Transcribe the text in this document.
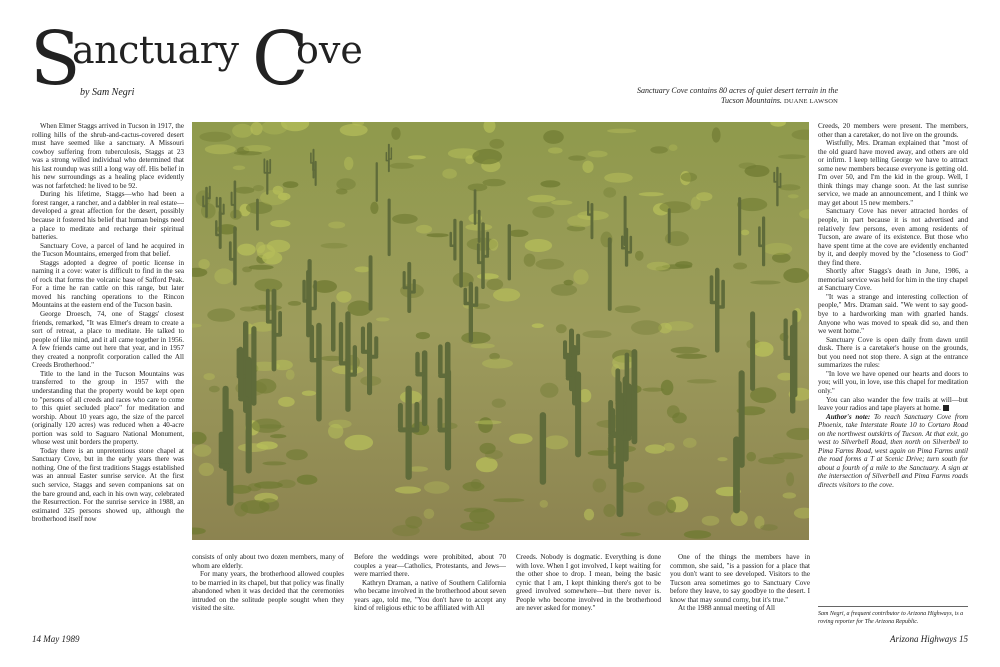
S
anctuary C
ove
by Sam Negri	Sanctuary Cove contains 80 acres of quiet desert terrain in the Tucson Mountains. DUANE LAWSON

When Elmer Staggs arrived in Tucson in 1917, the rolling hills of the shrub-and-cactus-covered desert must have seemed like a sanctuary. A Missouri cowboy suffering from tuberculosis, Staggs at 23 was a strong willed individual who determined that his last roundup was still a long way off. His belief in his new surroundings as a healing place evidently was not farfetched: he lived to be 92.

During his lifetime, Staggs—who had been a forest ranger, a rancher, and a dabbler in real estate—developed a great affection for the desert, possibly because it fostered his belief that human beings need a place to meditate and recharge their spiritual batteries.

Sanctuary Cove, a parcel of land he acquired in the Tucson Mountains, emerged from that belief.

Staggs adopted a degree of poetic license in naming it a cove: water is difficult to find in the sea of rock that forms the volcanic base of Safford Peak. For a time he ran cattle on this range, but later moved his ranching operations to the Rincon Mountains at the eastern end of the Tucson basin.

George Droesch, 74, one of Staggs' closest friends, remarked, "It was Elmer's dream to create a sort of retreat, a place to meditate. He talked to people of like mind, and it all came together in 1956. A few friends came out here that year, and in 1957 they created a nonprofit corporation called the All Creeds Brotherhood."

Title to the land in the Tucson Mountains was transferred to the group in 1957 with the understanding that the property would be kept open to "persons of all creeds and races who care to come to this quiet secluded place" for meditation and worship. About 10 years ago, the size of the parcel (originally 120 acres) was reduced when a 40-acre portion was sold to Saguaro National Monument, whose west unit borders the property.

Today there is an unpretentious stone chapel at Sanctuary Cove, but in the early years there was nothing. One of the first traditions Staggs established was an annual Easter sunrise service. At the first such service, Staggs and seven companions sat on the bare ground and, each in his own way, celebrated the Resurrection. For the sunrise service in 1988, an estimated 325 persons showed up, although the brotherhood itself now

consists of only about two dozen members, many of whom are elderly.

For many years, the brotherhood allowed couples to be married in its chapel, but that policy was finally abandoned when it was decided that the ceremonies intruded on the solitude people sought when they visited the site.

Before the weddings were prohibited, about 70 couples a year—Catholics, Protestants, and Jews—were married there.

Kathryn Draman, a native of Southern California who became involved in the brotherhood about seven years ago, told me, "You don't have to accept any kind of religious ethic to be affiliated with All

Creeds. Nobody is dogmatic. Everything is done with love. When I got involved, I kept waiting for the other shoe to drop. I mean, being the basic cynic that I am, I kept thinking there's got to be greed involved somewhere—but there never is. People who become involved in the brotherhood are never asked for money."

One of the things the members have in common, she said, "is a passion for a place that you don't want to see developed. Visitors to the Tucson area sometimes go to Sanctuary Cove before they leave, to say goodbye to the desert. I know that may sound corny, but it's true."

At the 1988 annual meeting of All

Creeds, 20 members were present. The members, other than a caretaker, do not live on the grounds.

Wistfully, Mrs. Draman explained that "most of the old guard have moved away, and others are old or infirm. I keep telling George we have to attract some new members because everyone is getting old. I'm over 50, and I'm the kid in the group. Well, I think things may change soon. At the last sunrise service, we made an announcement, and I think we may get about 15 new members."

Sanctuary Cove has never attracted hordes of people, in part because it is not advertised and relatively few persons, even among residents of Tucson, are aware of its existence. But those who have spent time at the cove are evidently enchanted by it, and deeply moved by the "closeness to God" they find there.

Shortly after Staggs's death in June, 1986, a memorial service was held for him in the tiny chapel at Sanctuary Cove.

"It was a strange and interesting collection of people," Mrs. Draman said. "We went to say good-bye to a hardworking man with gnarled hands. Anyone who was moved to speak did so, and then we went home."

Sanctuary Cove is open daily from dawn until dusk. There is a caretaker's house on the grounds, but you need not stop there. A sign at the entrance summarizes the rules:

"In love we have opened our hearts and doors to you; will you, in love, use this chapel for meditation only."

You can also wander the few trails at will—but leave your radios and tape players at home.

Author's note: To reach Sanctuary Cove from Phoenix, take Interstate Route 10 to Cortaro Road on the northwest outskirts of Tucson. At that exit, go west to Silverbell Road, then north on Silverbell to Pima Farms Road, west again on Pima Farms until the road forms a T at Scenic Drive; turn south for about a fourth of a mile to the Sanctuary. A sign at the intersection of Silverbell and Pima Farms roads directs visitors to the cove.

Sam Negri, a frequent contributor to Arizona Highways, is a roving reporter for The Arizona Republic.
14 May 1989	Arizona Highways 15
